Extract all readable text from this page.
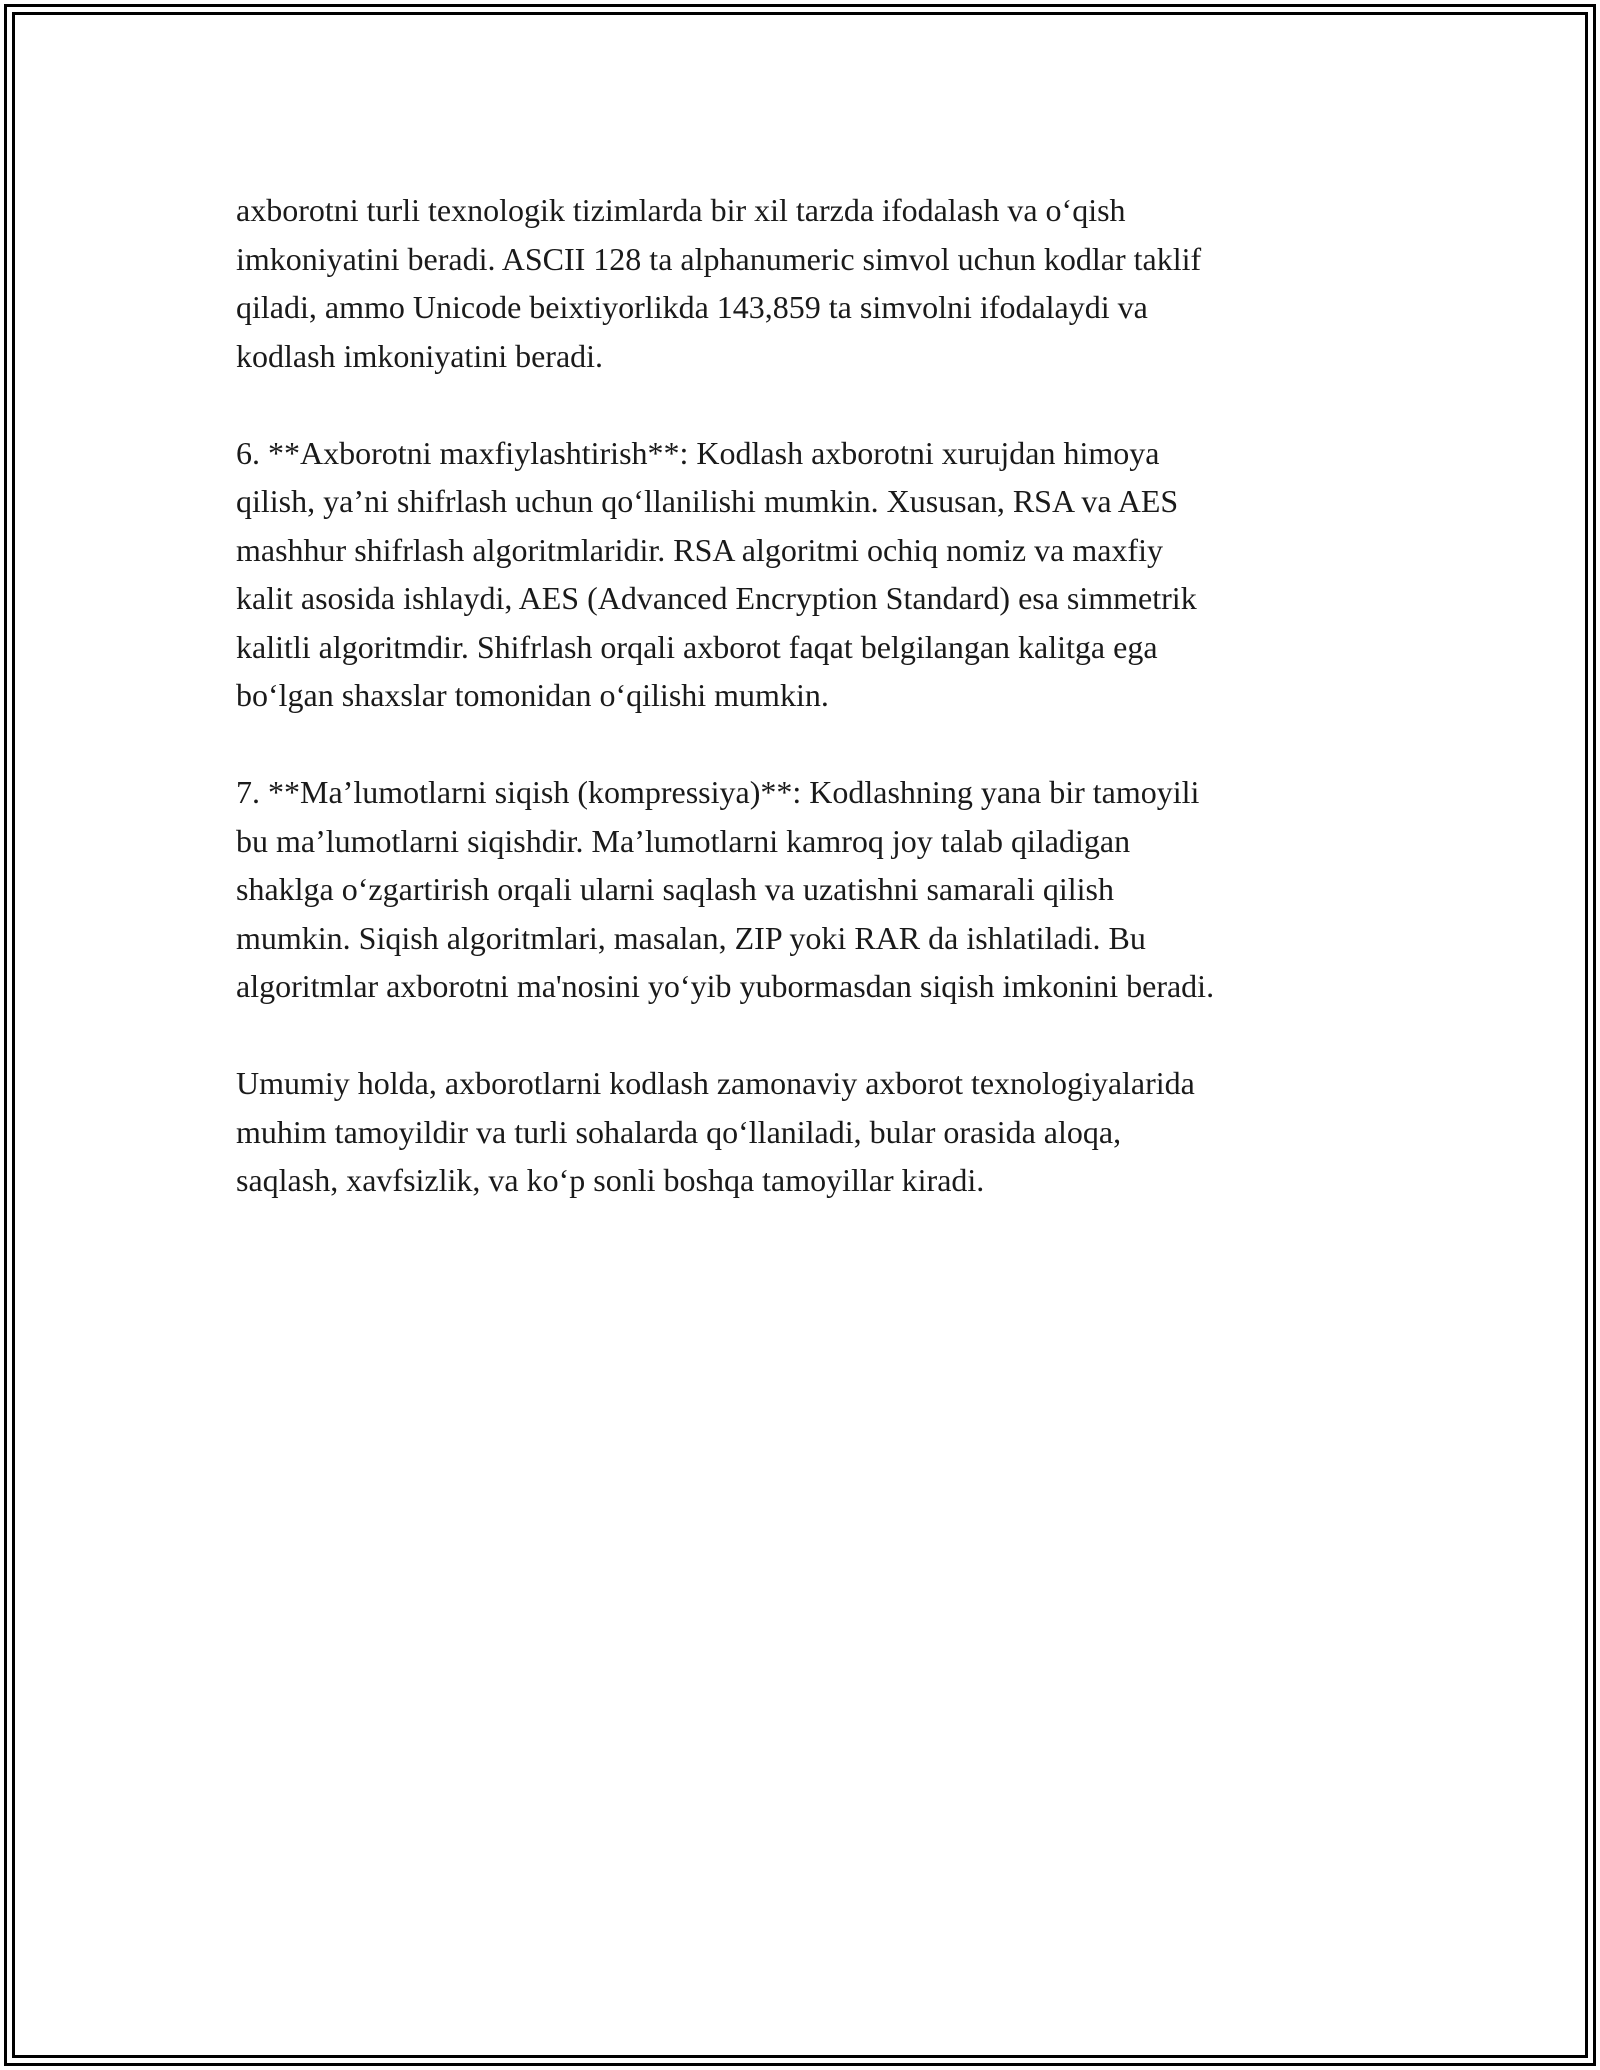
axborotni turli texnologik tizimlarda bir xil tarzda ifodalash va o‘qish
imkoniyatini beradi. ASCII 128 ta alphanumeric simvol uchun kodlar taklif
qiladi, ammo Unicode beixtiyorlikda 143,859 ta simvolni ifodalaydi va
kodlash imkoniyatini beradi.

6. **Axborotni maxfiylashtirish**: Kodlash axborotni xurujdan himoya
qilish, ya’ni shifrlash uchun qo‘llanilishi mumkin. Xususan, RSA va AES
mashhur shifrlash algoritmlaridir. RSA algoritmi ochiq nomiz va maxfiy
kalit asosida ishlaydi, AES (Advanced Encryption Standard) esa simmetrik
kalitli algoritmdir. Shifrlash orqali axborot faqat belgilangan kalitga ega
bo‘lgan shaxslar tomonidan o‘qilishi mumkin.

7. **Ma’lumotlarni siqish (kompressiya)**: Kodlashning yana bir tamoyili
bu ma’lumotlarni siqishdir. Ma’lumotlarni kamroq joy talab qiladigan
shaklga o‘zgartirish orqali ularni saqlash va uzatishni samarali qilish
mumkin. Siqish algoritmlari, masalan, ZIP yoki RAR da ishlatiladi. Bu
algoritmlar axborotni ma'nosini yo‘yib yubormasdan siqish imkonini beradi.

Umumiy holda, axborotlarni kodlash zamonaviy axborot texnologiyalarida
muhim tamoyildir va turli sohalarda qo‘llaniladi, bular orasida aloqa,
saqlash, xavfsizlik, va ko‘p sonli boshqa tamoyillar kiradi.
